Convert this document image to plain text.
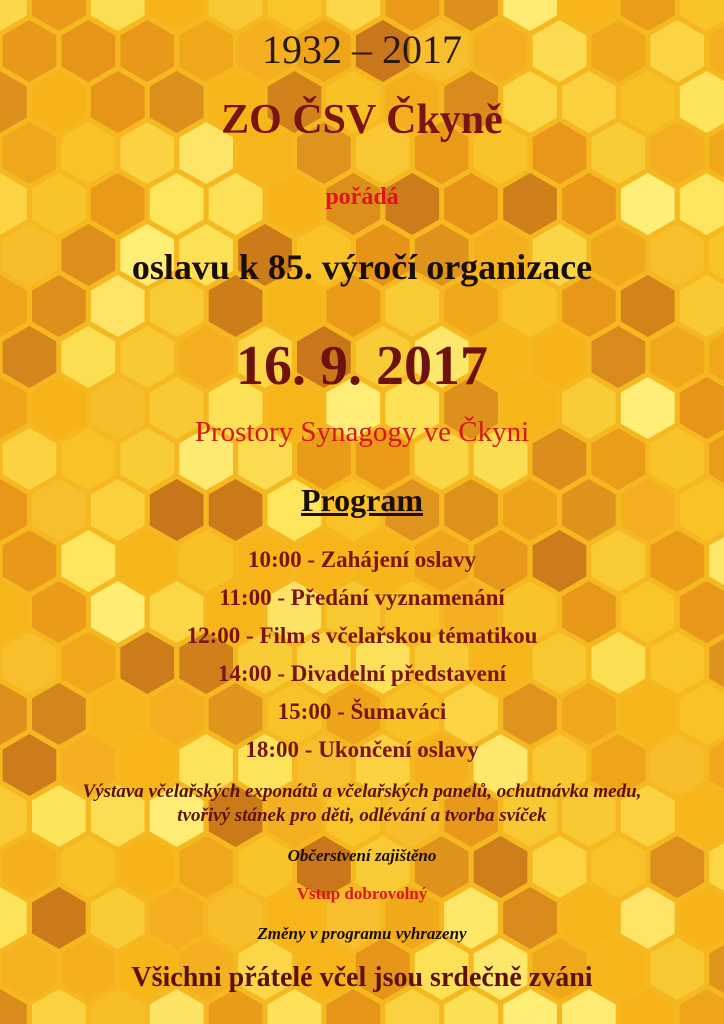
1932 – 2017
ZO ČSV Čkyně
pořádá
oslavu k 85. výročí organizace
16. 9. 2017
Prostory Synagogy ve Čkyni
Program
10:00 - Zahájení oslavy
11:00 - Předání vyznamenání
12:00 - Film s včelařskou tématikou
14:00 - Divadelní představení
15:00 - Šumaváci
18:00 - Ukončení oslavy
Výstava včelařských exponátů a včelařských panelů, ochutnávka medu,
tvořivý stánek pro děti, odlévání a tvorba svíček
Občerstvení zajištěno
Vstup dobrovolný
Změny v programu vyhrazeny
Všichni přátelé včel jsou srdečně zváni
